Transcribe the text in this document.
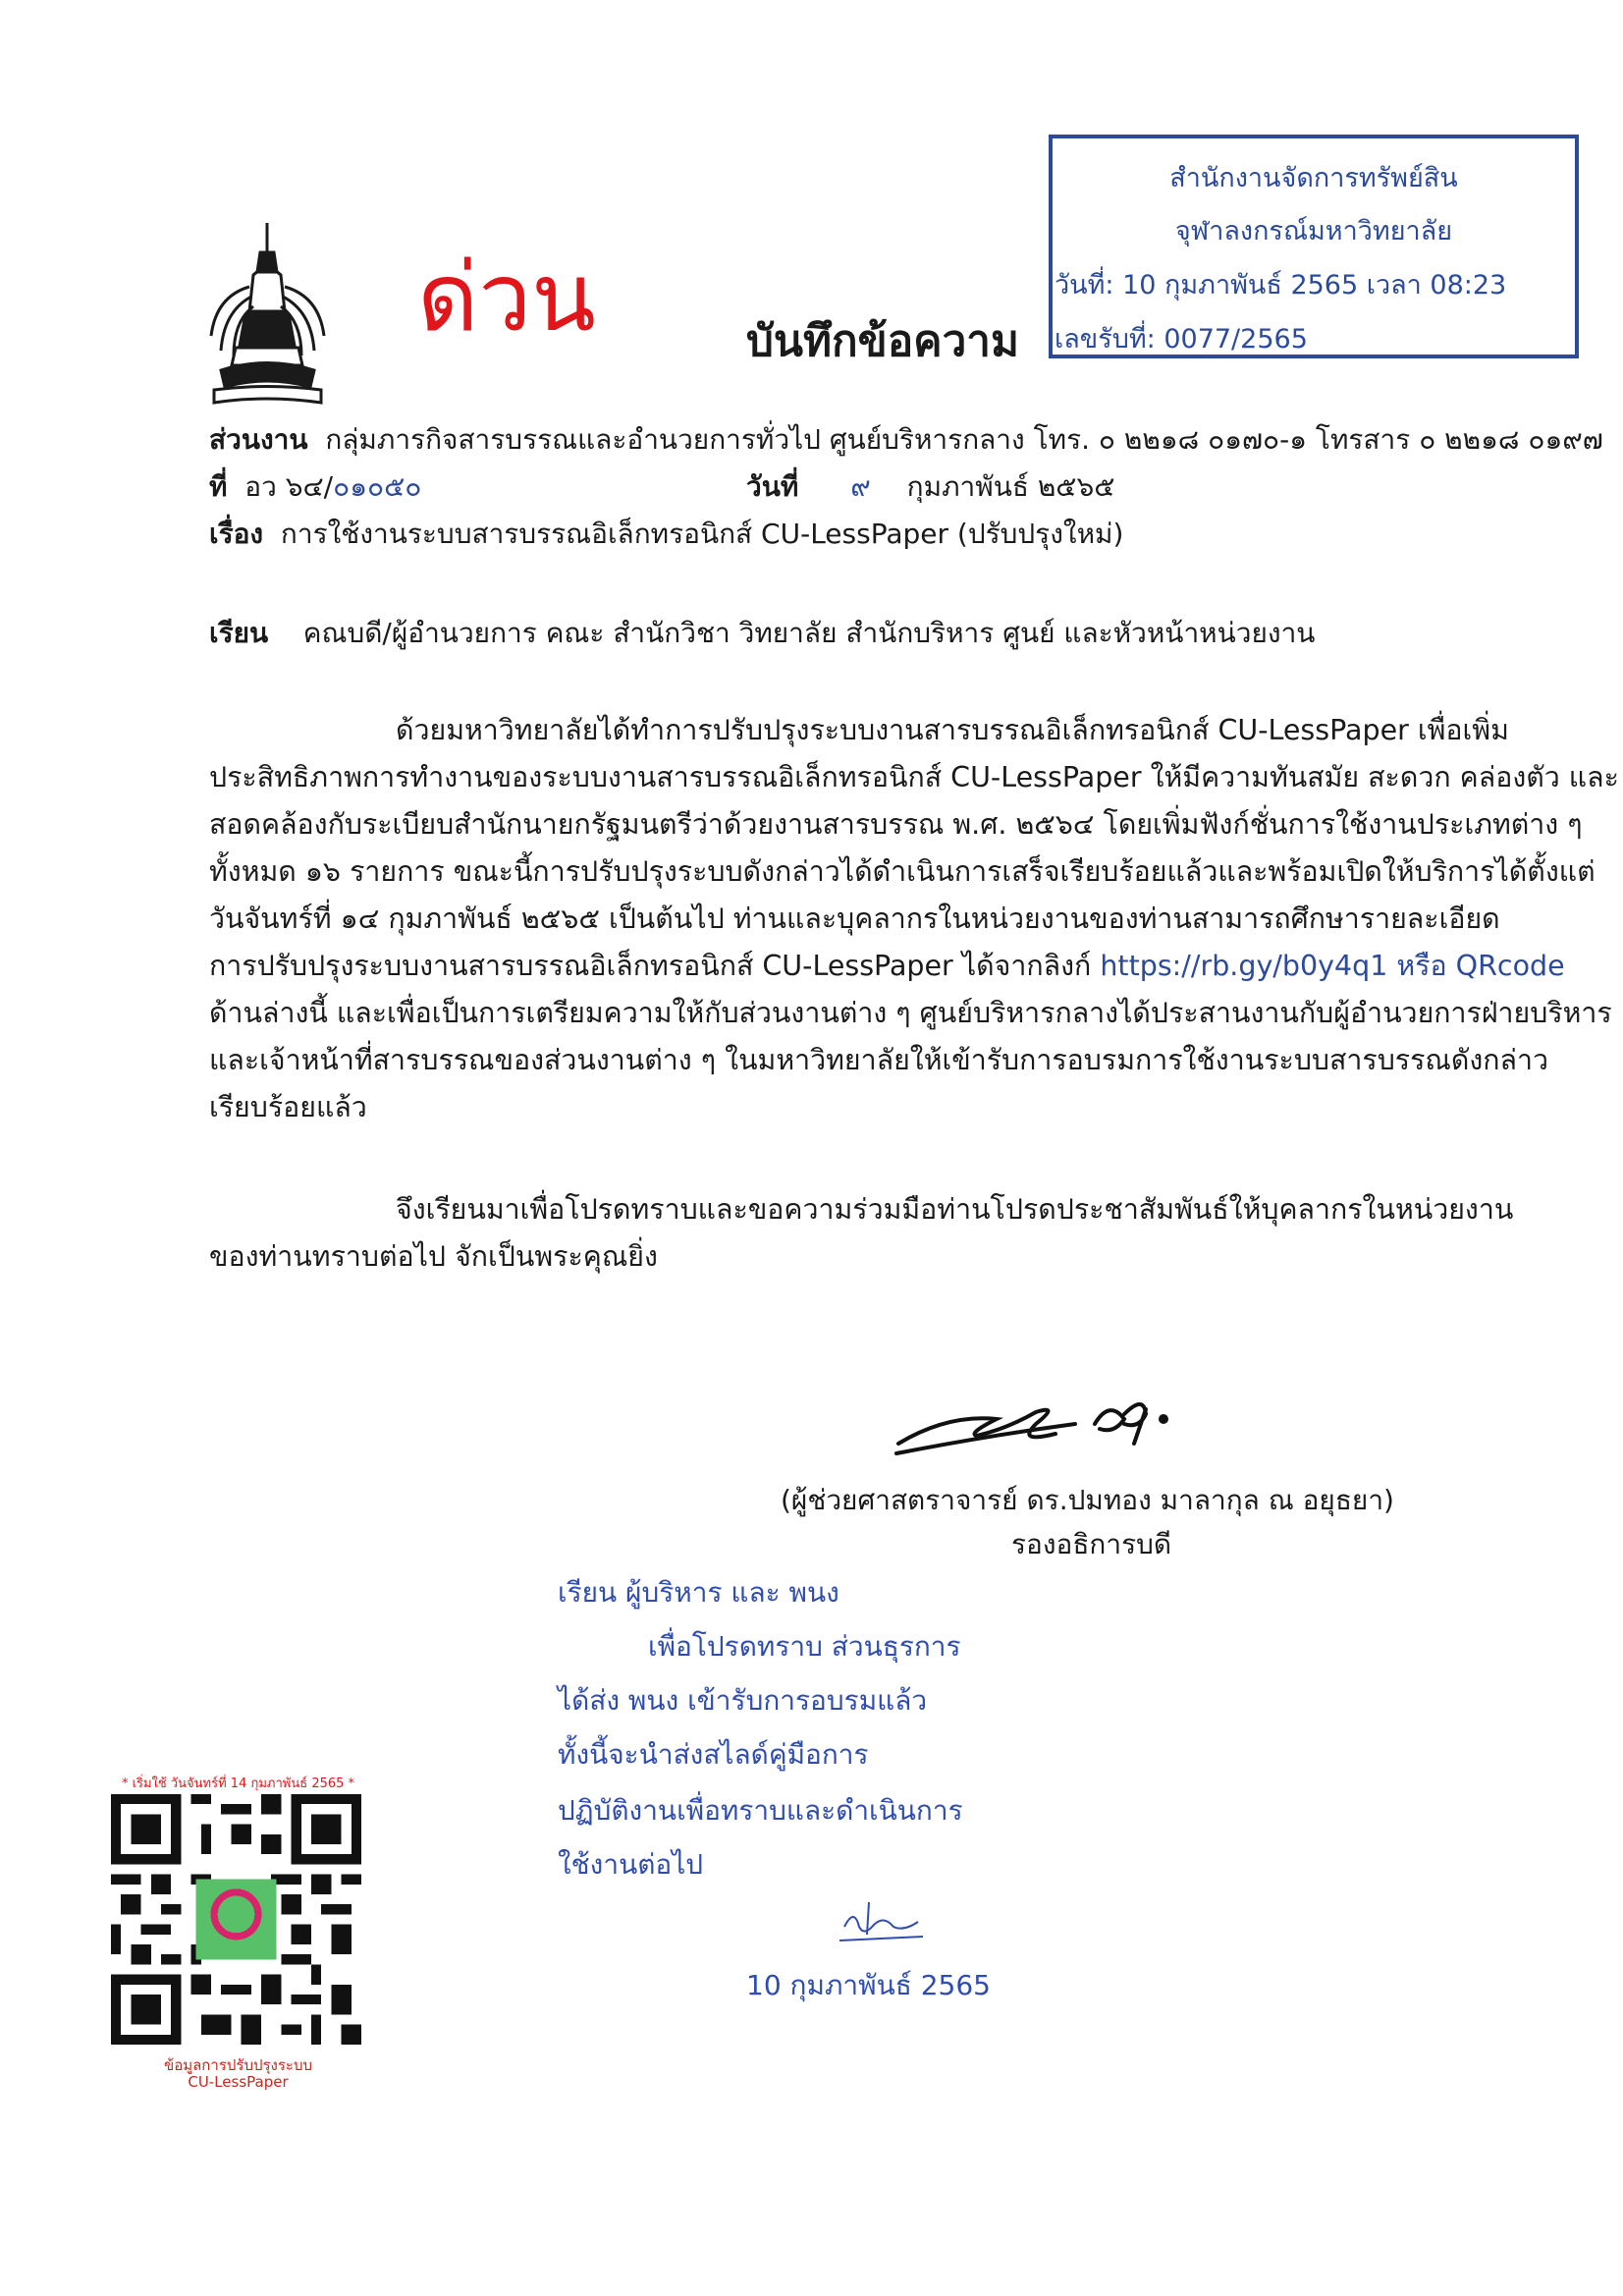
สำนักงานจัดการทรัพย์สิน
จุฬาลงกรณ์มหาวิทยาลัย
วันที่: 10 กุมภาพันธ์ 2565 เวลา 08:23
เลขรับที่: 0077/2565
ด่วน	บันทึกข้อความ
ส่วนงาน กลุ่มภารกิจสารบรรณและอำนวยการทั่วไป ศูนย์บริหารกลาง โทร. ๐ ๒๒๑๘ ๐๑๗๐-๑ โทรสาร ๐ ๒๒๑๘ ๐๑๙๗
ที่ อว ๖๔/๐๑๐๕๐	วันที่ ๙ กุมภาพันธ์ ๒๕๖๕
เรื่อง การใช้งานระบบสารบรรณอิเล็กทรอนิกส์ CU-LessPaper (ปรับปรุงใหม่)
เรียน คณบดี/ผู้อำนวยการ คณะ สำนักวิชา วิทยาลัย สำนักบริหาร ศูนย์ และหัวหน้าหน่วยงาน
ด้วยมหาวิทยาลัยได้ทำการปรับปรุงระบบงานสารบรรณอิเล็กทรอนิกส์ CU-LessPaper เพื่อเพิ่ม
ประสิทธิภาพการทำงานของระบบงานสารบรรณอิเล็กทรอนิกส์ CU-LessPaper ให้มีความทันสมัย สะดวก คล่องตัว และ
สอดคล้องกับระเบียบสำนักนายกรัฐมนตรีว่าด้วยงานสารบรรณ พ.ศ. ๒๕๖๔ โดยเพิ่มฟังก์ชั่นการใช้งานประเภทต่าง ๆ
ทั้งหมด ๑๖ รายการ ขณะนี้การปรับปรุงระบบดังกล่าวได้ดำเนินการเสร็จเรียบร้อยแล้วและพร้อมเปิดให้บริการได้ตั้งแต่
วันจันทร์ที่ ๑๔ กุมภาพันธ์ ๒๕๖๕ เป็นต้นไป ท่านและบุคลากรในหน่วยงานของท่านสามารถศึกษารายละเอียด
การปรับปรุงระบบงานสารบรรณอิเล็กทรอนิกส์ CU-LessPaper ได้จากลิงก์ https://rb.gy/b0y4q1 หรือ QRcode
ด้านล่างนี้ และเพื่อเป็นการเตรียมความให้กับส่วนงานต่าง ๆ ศูนย์บริหารกลางได้ประสานงานกับผู้อำนวยการฝ่ายบริหาร
และเจ้าหน้าที่สารบรรณของส่วนงานต่าง ๆ ในมหาวิทยาลัยให้เข้ารับการอบรมการใช้งานระบบสารบรรณดังกล่าว
เรียบร้อยแล้ว
จึงเรียนมาเพื่อโปรดทราบและขอความร่วมมือท่านโปรดประชาสัมพันธ์ให้บุคลากรในหน่วยงาน
ของท่านทราบต่อไป จักเป็นพระคุณยิ่ง
(ผู้ช่วยศาสตราจารย์ ดร.ปมทอง มาลากุล ณ อยุธยา)
รองอธิการบดี
เรียน ผู้บริหาร และ พนง
เพื่อโปรดทราบ ส่วนธุรการ
ได้ส่ง พนง เข้ารับการอบรมแล้ว
ทั้งนี้จะนำส่งสไลด์คู่มือการ
ปฏิบัติงานเพื่อทราบและดำเนินการ
ใช้งานต่อไป
10 กุมภาพันธ์ 2565
* เริ่มใช้ วันจันทร์ที่ 14 กุมภาพันธ์ 2565 *
ข้อมูลการปรับปรุงระบบ
CU-LessPaper
